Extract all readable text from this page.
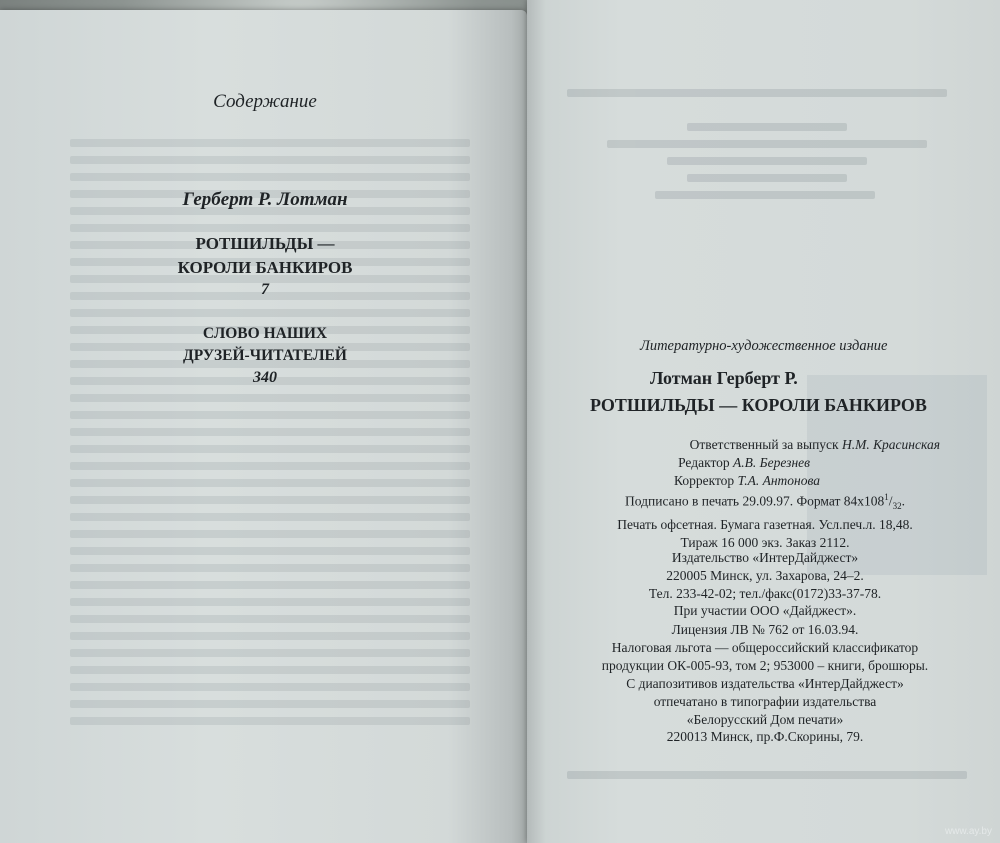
Содержание
Герберт Р. Лотман
РОТШИЛЬДЫ —
КОРОЛИ БАНКИРОВ
7
СЛОВО НАШИХ
ДРУЗЕЙ-ЧИТАТЕЛЕЙ
340
Литературно-художественное издание
Лотман Герберт Р.
РОТШИЛЬДЫ — КОРОЛИ БАНКИРОВ
Ответственный за выпуск Н.М. Красинская
Редактор А.В. Березнев
Корректор Т.А. Антонова
Подписано в печать 29.09.97. Формат $84x108^1/_{32}$.
Печать офсетная. Бумага газетная. Усл.печ.л. 18,48.
Тираж 16 000 экз. Заказ 2112.
Издательство «ИнтерДайджест»
220005 Минск, ул. Захарова, 24–2.
Тел. 233-42-02; тел./факс(0172)33-37-78.
При участии ООО «Дайджест».
Лицензия ЛВ № 762 от 16.03.94.
Налоговая льгота — общероссийский классификатор
продукции ОК-005-93, том 2; 953000 – книги, брошюры.
С диапозитивов издательства «ИнтерДайджест»
отпечатано в типографии издательства
«Белорусский Дом печати»
220013 Минск, пр.Ф.Скорины, 79.
www.ay.by
